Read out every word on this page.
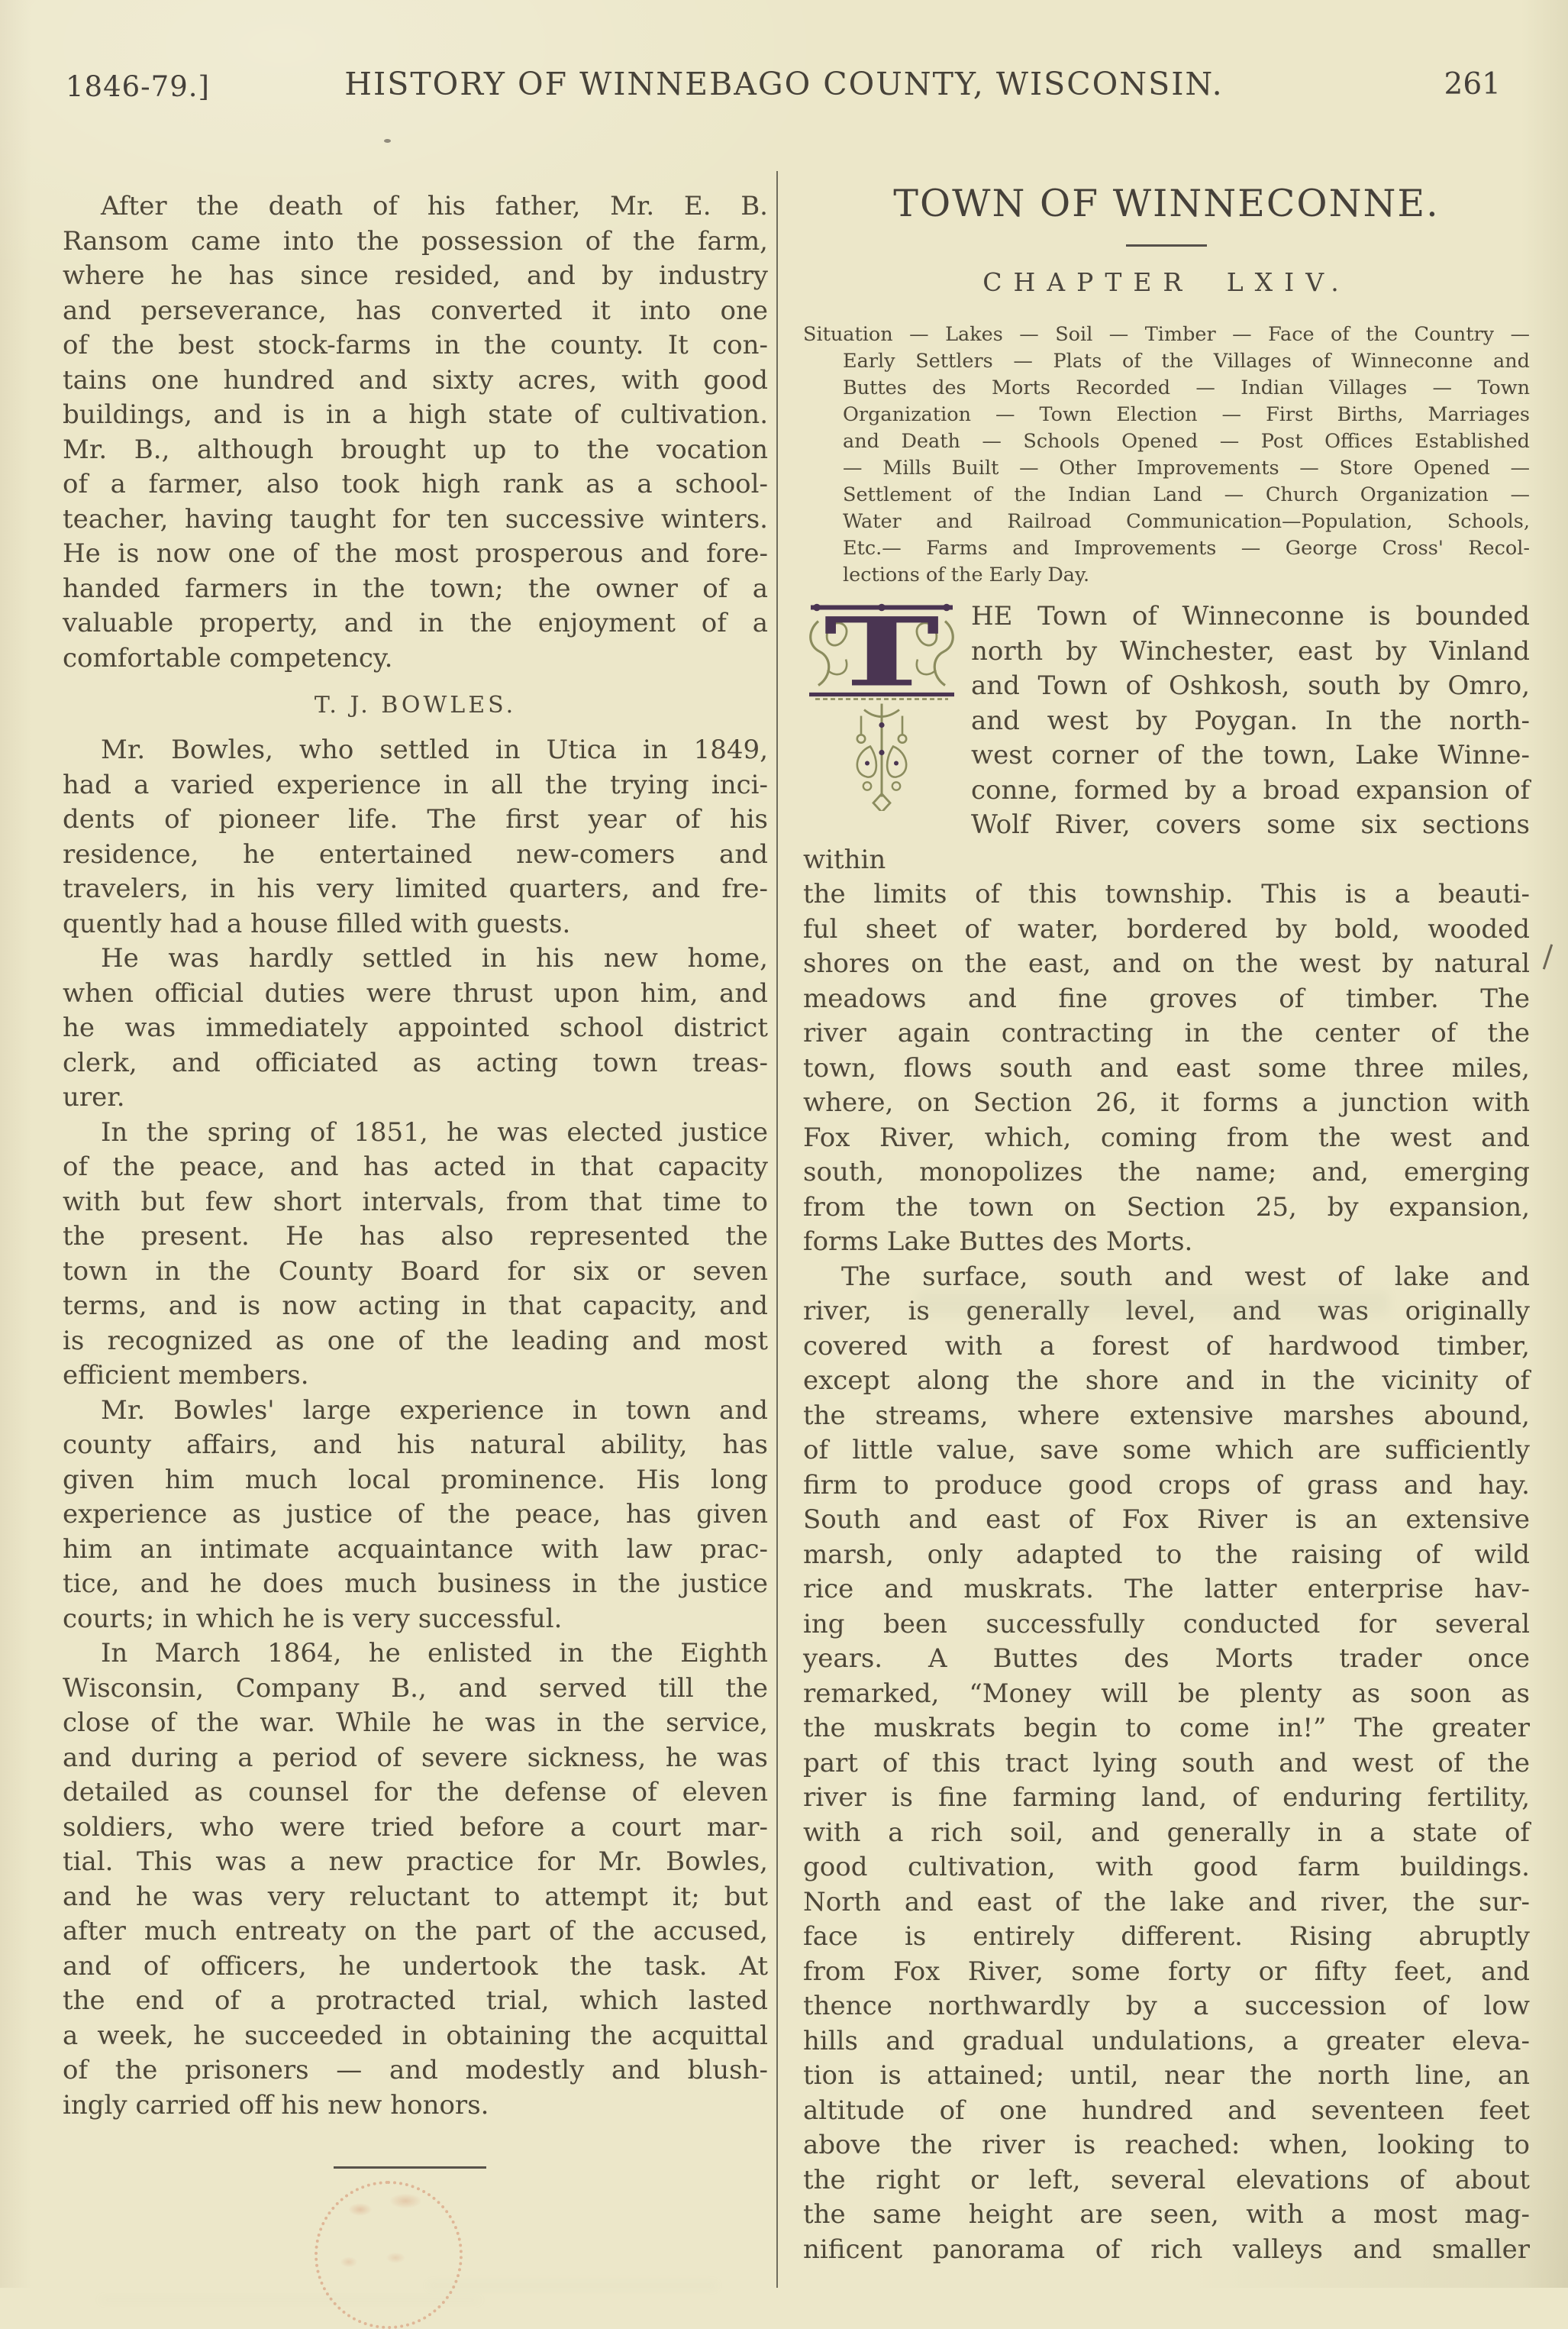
1846-79.]	HISTORY OF WINNEBAGO COUNTY, WISCONSIN.	261
After the death of his father, Mr. E. B.
Ransom came into the possession of the farm,
where he has since resided, and by industry
and perseverance, has converted it into one
of the best stock-farms in the county. It con-
tains one hundred and sixty acres, with good
buildings, and is in a high state of cultivation.
Mr. B., although brought up to the vocation
of a farmer, also took high rank as a school-
teacher, having taught for ten successive winters.
He is now one of the most prosperous and fore-
handed farmers in the town; the owner of a
valuable property, and in the enjoyment of a
comfortable competency.
T. J. BOWLES.
Mr. Bowles, who settled in Utica in 1849,
had a varied experience in all the trying inci-
dents of pioneer life. The first year of his
residence, he entertained new-comers and
travelers, in his very limited quarters, and fre-
quently had a house filled with guests.
He was hardly settled in his new home,
when official duties were thrust upon him, and
he was immediately appointed school district
clerk, and officiated as acting town treas-
urer.
In the spring of 1851, he was elected justice
of the peace, and has acted in that capacity
with but few short intervals, from that time to
the present. He has also represented the
town in the County Board for six or seven
terms, and is now acting in that capacity, and
is recognized as one of the leading and most
efficient members.
Mr. Bowles' large experience in town and
county affairs, and his natural ability, has
given him much local prominence. His long
experience as justice of the peace, has given
him an intimate acquaintance with law prac-
tice, and he does much business in the justice
courts; in which he is very successful.
In March 1864, he enlisted in the Eighth
Wisconsin, Company B., and served till the
close of the war. While he was in the service,
and during a period of severe sickness, he was
detailed as counsel for the defense of eleven
soldiers, who were tried before a court mar-
tial. This was a new practice for Mr. Bowles,
and he was very reluctant to attempt it; but
after much entreaty on the part of the accused,
and of officers, he undertook the task. At
the end of a protracted trial, which lasted
a week, he succeeded in obtaining the acquittal
of the prisoners — and modestly and blush-
ingly carried off his new honors.
TOWN OF WINNECONNE.
CHAPTER LXIV.
Situation — Lakes — Soil — Timber — Face of the Country —
Early Settlers — Plats of the Villages of Winneconne and
Buttes des Morts Recorded — Indian Villages — Town
Organization — Town Election — First Births, Marriages
and Death — Schools Opened — Post Offices Established
— Mills Built — Other Improvements — Store Opened —
Settlement of the Indian Land — Church Organization —
Water and Railroad Communication—Population, Schools,
Etc.— Farms and Improvements — George Cross' Recol-
lections of the Early Day.
T	HE Town of Winneconne is bounded
north by Winchester, east by Vinland
and Town of Oshkosh, south by Omro,
and west by Poygan. In the north-
west corner of the town, Lake Winne-
conne, formed by a broad expansion of
Wolf River, covers some six sections within
the limits of this township. This is a beauti-
ful sheet of water, bordered by bold, wooded
shores on the east, and on the west by natural
meadows and fine groves of timber. The
river again contracting in the center of the
town, flows south and east some three miles,
where, on Section 26, it forms a junction with
Fox River, which, coming from the west and
south, monopolizes the name; and, emerging
from the town on Section 25, by expansion,
forms Lake Buttes des Morts.
The surface, south and west of lake and
river, is generally level, and was originally
covered with a forest of hardwood timber,
except along the shore and in the vicinity of
the streams, where extensive marshes abound,
of little value, save some which are sufficiently
firm to produce good crops of grass and hay.
South and east of Fox River is an extensive
marsh, only adapted to the raising of wild
rice and muskrats. The latter enterprise hav-
ing been successfully conducted for several
years. A Buttes des Morts trader once
remarked, “Money will be plenty as soon as
the muskrats begin to come in!” The greater
part of this tract lying south and west of the
river is fine farming land, of enduring fertility,
with a rich soil, and generally in a state of
good cultivation, with good farm buildings.
North and east of the lake and river, the sur-
face is entirely different. Rising abruptly
from Fox River, some forty or fifty feet, and
thence northwardly by a succession of low
hills and gradual undulations, a greater eleva-
tion is attained; until, near the north line, an
altitude of one hundred and seventeen feet
above the river is reached: when, looking to
the right or left, several elevations of about
the same height are seen, with a most mag-
nificent panorama of rich valleys and smaller
